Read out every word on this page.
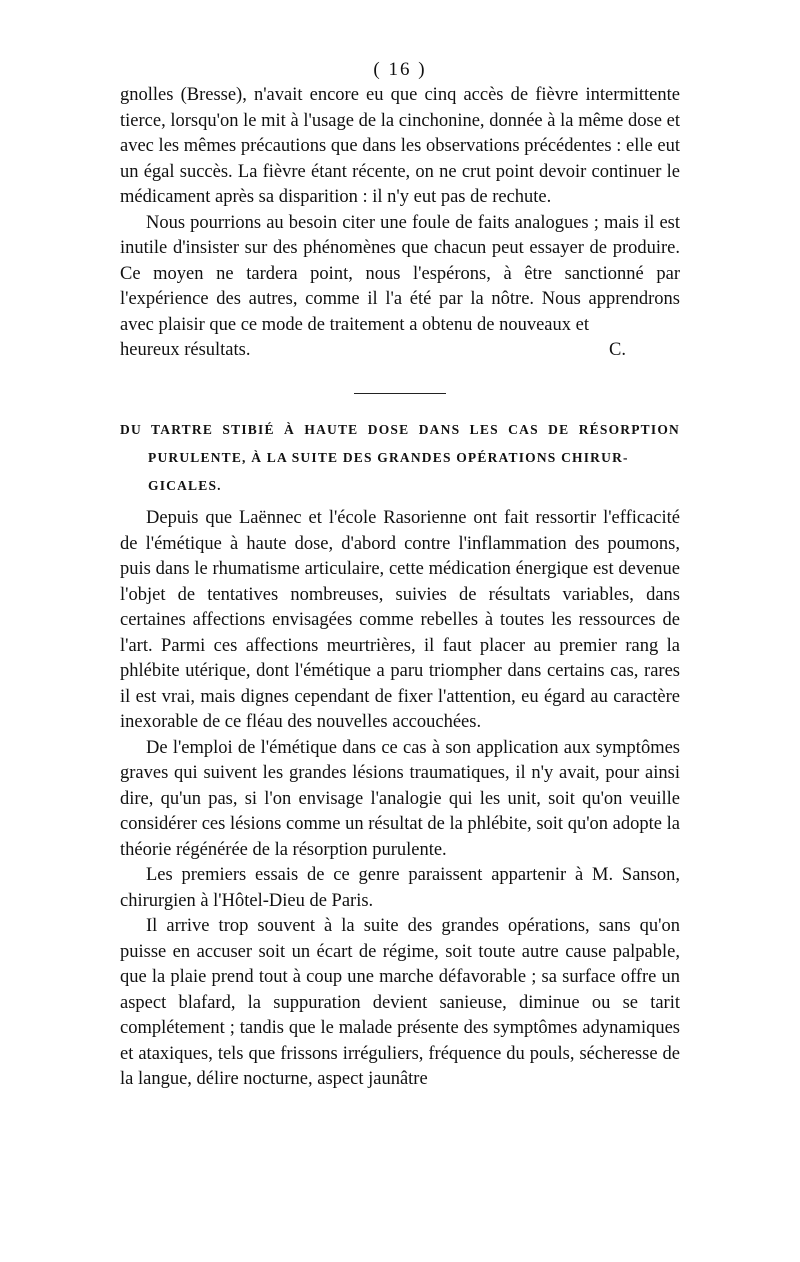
( 16 )

gnolles (Bresse), n'avait encore eu que cinq accès de fièvre intermittente tierce, lorsqu'on le mit à l'usage de la cinchonine, donnée à la même dose et avec les mêmes précautions que dans les observations précédentes : elle eut un égal succès. La fièvre étant récente, on ne crut point devoir continuer le médicament après sa disparition : il n'y eut pas de rechute.

Nous pourrions au besoin citer une foule de faits analogues ; mais il est inutile d'insister sur des phénomènes que chacun peut essayer de produire. Ce moyen ne tardera point, nous l'espérons, à être sanctionné par l'expérience des autres, comme il l'a été par la nôtre. Nous apprendrons avec plaisir que ce mode de traitement a obtenu de nouveaux et

heureux résultats.	C.
DU TARTRE STIBIÉ À HAUTE DOSE DANS LES CAS DE RÉSORPTION
PURULENTE, À LA SUITE DES GRANDES OPÉRATIONS CHIRUR-
GICALES.

Depuis que Laënnec et l'école Rasorienne ont fait ressortir l'efficacité de l'émétique à haute dose, d'abord contre l'inflammation des poumons, puis dans le rhumatisme articulaire, cette médication énergique est devenue l'objet de tentatives nombreuses, suivies de résultats variables, dans certaines affections envisagées comme rebelles à toutes les ressources de l'art. Parmi ces affections meurtrières, il faut placer au premier rang la phlébite utérique, dont l'émétique a paru triompher dans certains cas, rares il est vrai, mais dignes cependant de fixer l'attention, eu égard au caractère inexorable de ce fléau des nouvelles accouchées.

De l'emploi de l'émétique dans ce cas à son application aux symptômes graves qui suivent les grandes lésions traumatiques, il n'y avait, pour ainsi dire, qu'un pas, si l'on envisage l'analogie qui les unit, soit qu'on veuille considérer ces lésions comme un résultat de la phlébite, soit qu'on adopte la théorie régénérée de la résorption purulente.

Les premiers essais de ce genre paraissent appartenir à M. Sanson, chirurgien à l'Hôtel-Dieu de Paris.

Il arrive trop souvent à la suite des grandes opérations, sans qu'on puisse en accuser soit un écart de régime, soit toute autre cause palpable, que la plaie prend tout à coup une marche défavorable ; sa surface offre un aspect blafard, la suppuration devient sanieuse, diminue ou se tarit complétement ; tandis que le malade présente des symptômes adynamiques et ataxiques, tels que frissons irréguliers, fréquence du pouls, sécheresse de la langue, délire nocturne, aspect jaunâtre
